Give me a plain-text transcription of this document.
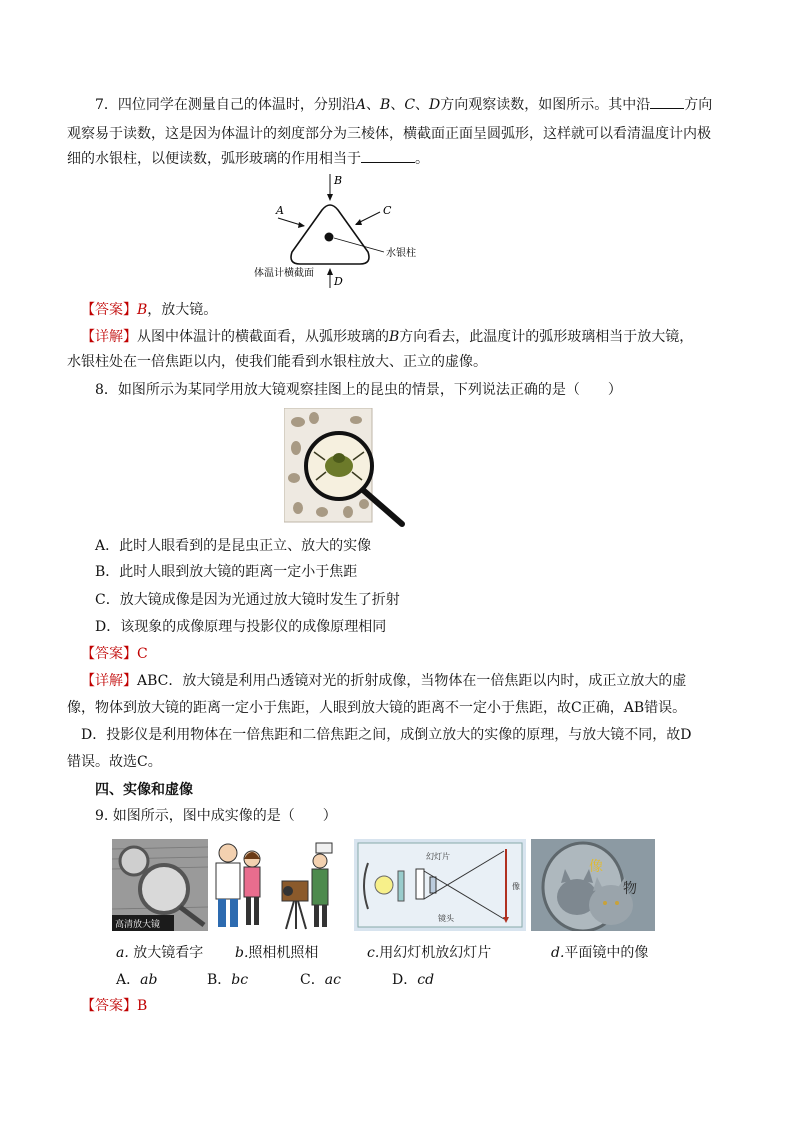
7．四位同学在测量自己的体温时，分别沿A、B、C、D方向观察读数，如图所示。其中沿 方向
观察易于读数，这是因为体温计的刻度部分为三棱体，横截面正面呈圆弧形，这样就可以看清温度计内极
细的水银柱，以便读数，弧形玻璃的作用相当于	。
B
A	C
D
水银柱
体温计横截面
【答案】B，放大镜。
【详解】从图中体温计的横截面看，从弧形玻璃的B方向看去，此温度计的弧形玻璃相当于放大镜，
水银柱处在一倍焦距以内，使我们能看到水银柱放大、正立的虚像。
8．如图所示为某同学用放大镜观察挂图上的昆虫的情景，下列说法正确的是（　　）
A．此时人眼看到的是昆虫正立、放大的实像
B．此时人眼到放大镜的距离一定小于焦距
C．放大镜成像是因为光通过放大镜时发生了折射
D．该现象的成像原理与投影仪的成像原理相同
【答案】C
【详解】ABC．放大镜是利用凸透镜对光的折射成像，当物体在一倍焦距以内时，成正立放大的虚
像，物体到放大镜的距离一定小于焦距，人眼到放大镜的距离不一定小于焦距，故C正确，AB错误。
D．投影仪是利用物体在一倍焦距和二倍焦距之间，成倒立放大的实像的原理，与放大镜不同，故D
错误。故选C。
四、实像和虚像
9. 如图所示，图中成实像的是（　　）
高清放大镜
幻灯片
镜头
像
像
物
a. 放大镜看字 b.照相机照相	c.用幻灯机放幻灯片	d.平面镜中的像
A．ab	B．bc	C．ac	D．cd
【答案】B
